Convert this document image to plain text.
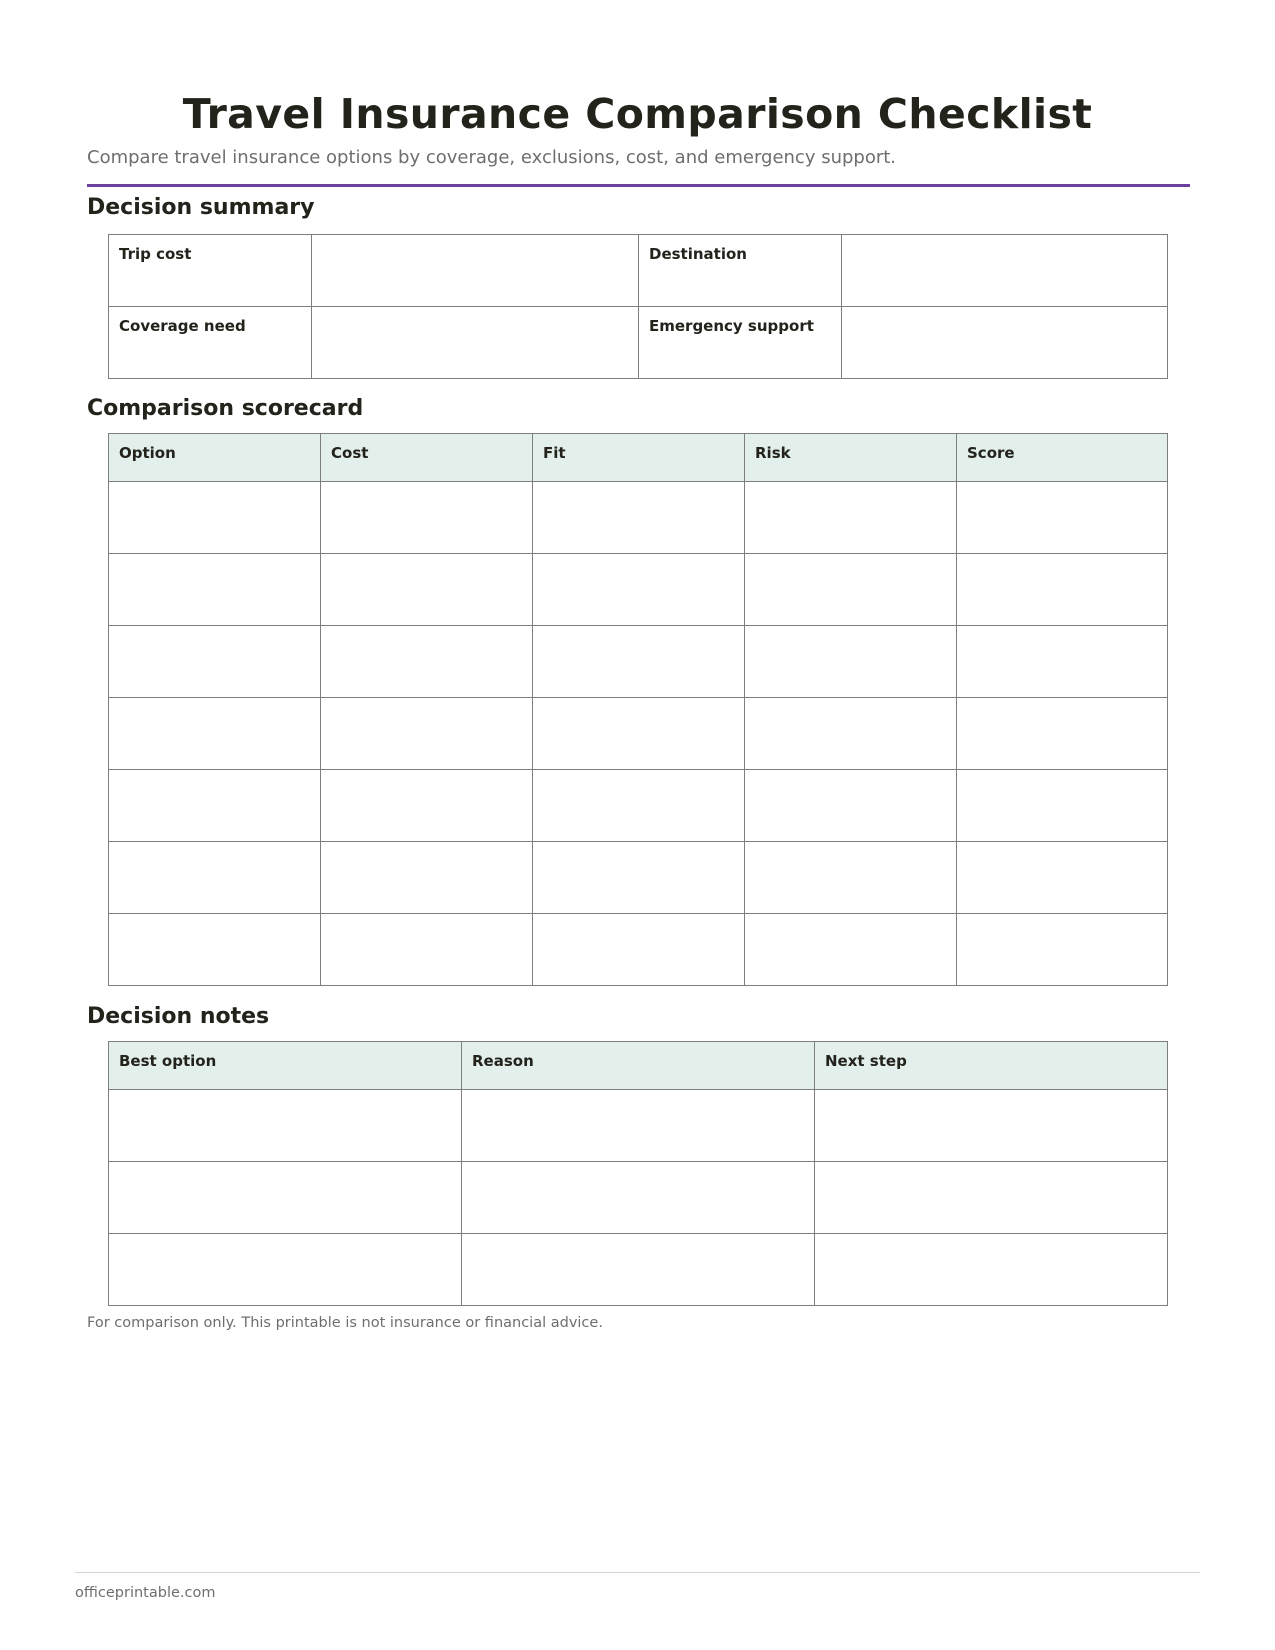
Travel Insurance Comparison Checklist

Compare travel insurance options by coverage, exclusions, cost, and emergency support.

Decision summary
Trip cost		Destination	

Coverage need		Emergency support	

Comparison scorecard
Option	Cost	Fit	Risk	Score

Decision notes
Best option	Reason	Next step

For comparison only. This printable is not insurance or financial advice.

officeprintable.com
